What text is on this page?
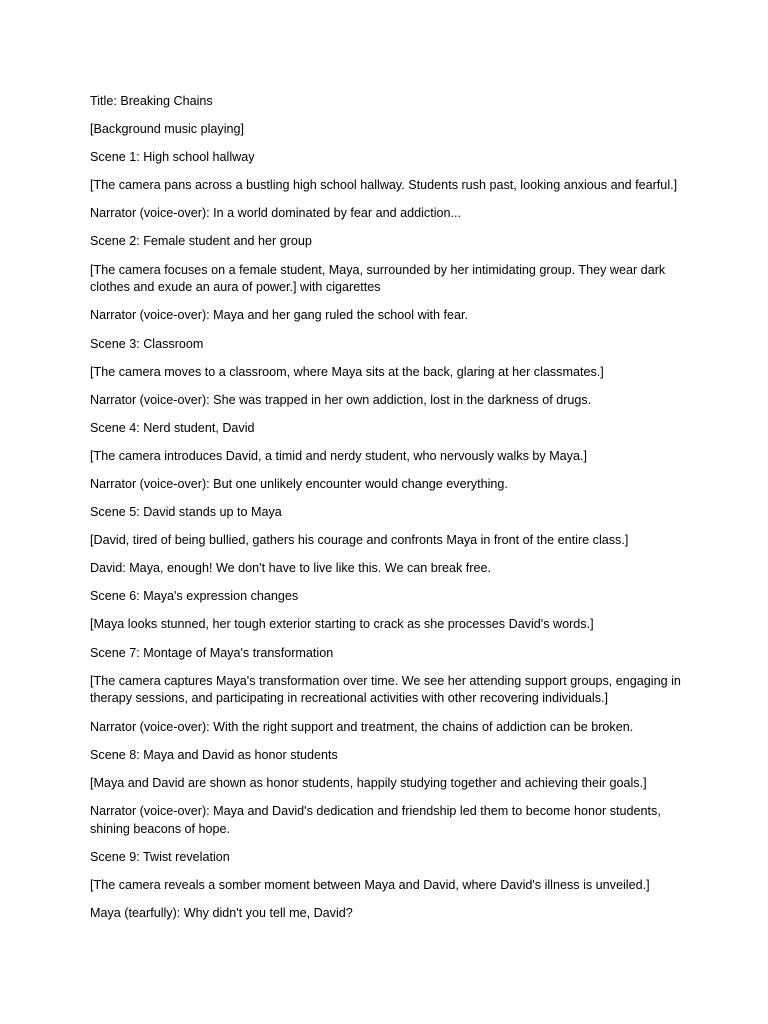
Title: Breaking Chains

[Background music playing]

Scene 1: High school hallway

[The camera pans across a bustling high school hallway. Students rush past, looking anxious and fearful.]

Narrator (voice-over): In a world dominated by fear and addiction...

Scene 2: Female student and her group

[The camera focuses on a female student, Maya, surrounded by her intimidating group. They wear dark clothes and exude an aura of power.] with cigarettes

Narrator (voice-over): Maya and her gang ruled the school with fear.

Scene 3: Classroom

[The camera moves to a classroom, where Maya sits at the back, glaring at her classmates.]

Narrator (voice-over): She was trapped in her own addiction, lost in the darkness of drugs.

Scene 4: Nerd student, David

[The camera introduces David, a timid and nerdy student, who nervously walks by Maya.]

Narrator (voice-over): But one unlikely encounter would change everything.

Scene 5: David stands up to Maya

[David, tired of being bullied, gathers his courage and confronts Maya in front of the entire class.]

David: Maya, enough! We don't have to live like this. We can break free.

Scene 6: Maya's expression changes

[Maya looks stunned, her tough exterior starting to crack as she processes David's words.]

Scene 7: Montage of Maya's transformation

[The camera captures Maya's transformation over time. We see her attending support groups, engaging in therapy sessions, and participating in recreational activities with other recovering individuals.]

Narrator (voice-over): With the right support and treatment, the chains of addiction can be broken.

Scene 8: Maya and David as honor students

[Maya and David are shown as honor students, happily studying together and achieving their goals.]

Narrator (voice-over): Maya and David's dedication and friendship led them to become honor students, shining beacons of hope.

Scene 9: Twist revelation

[The camera reveals a somber moment between Maya and David, where David's illness is unveiled.]

Maya (tearfully): Why didn't you tell me, David?
